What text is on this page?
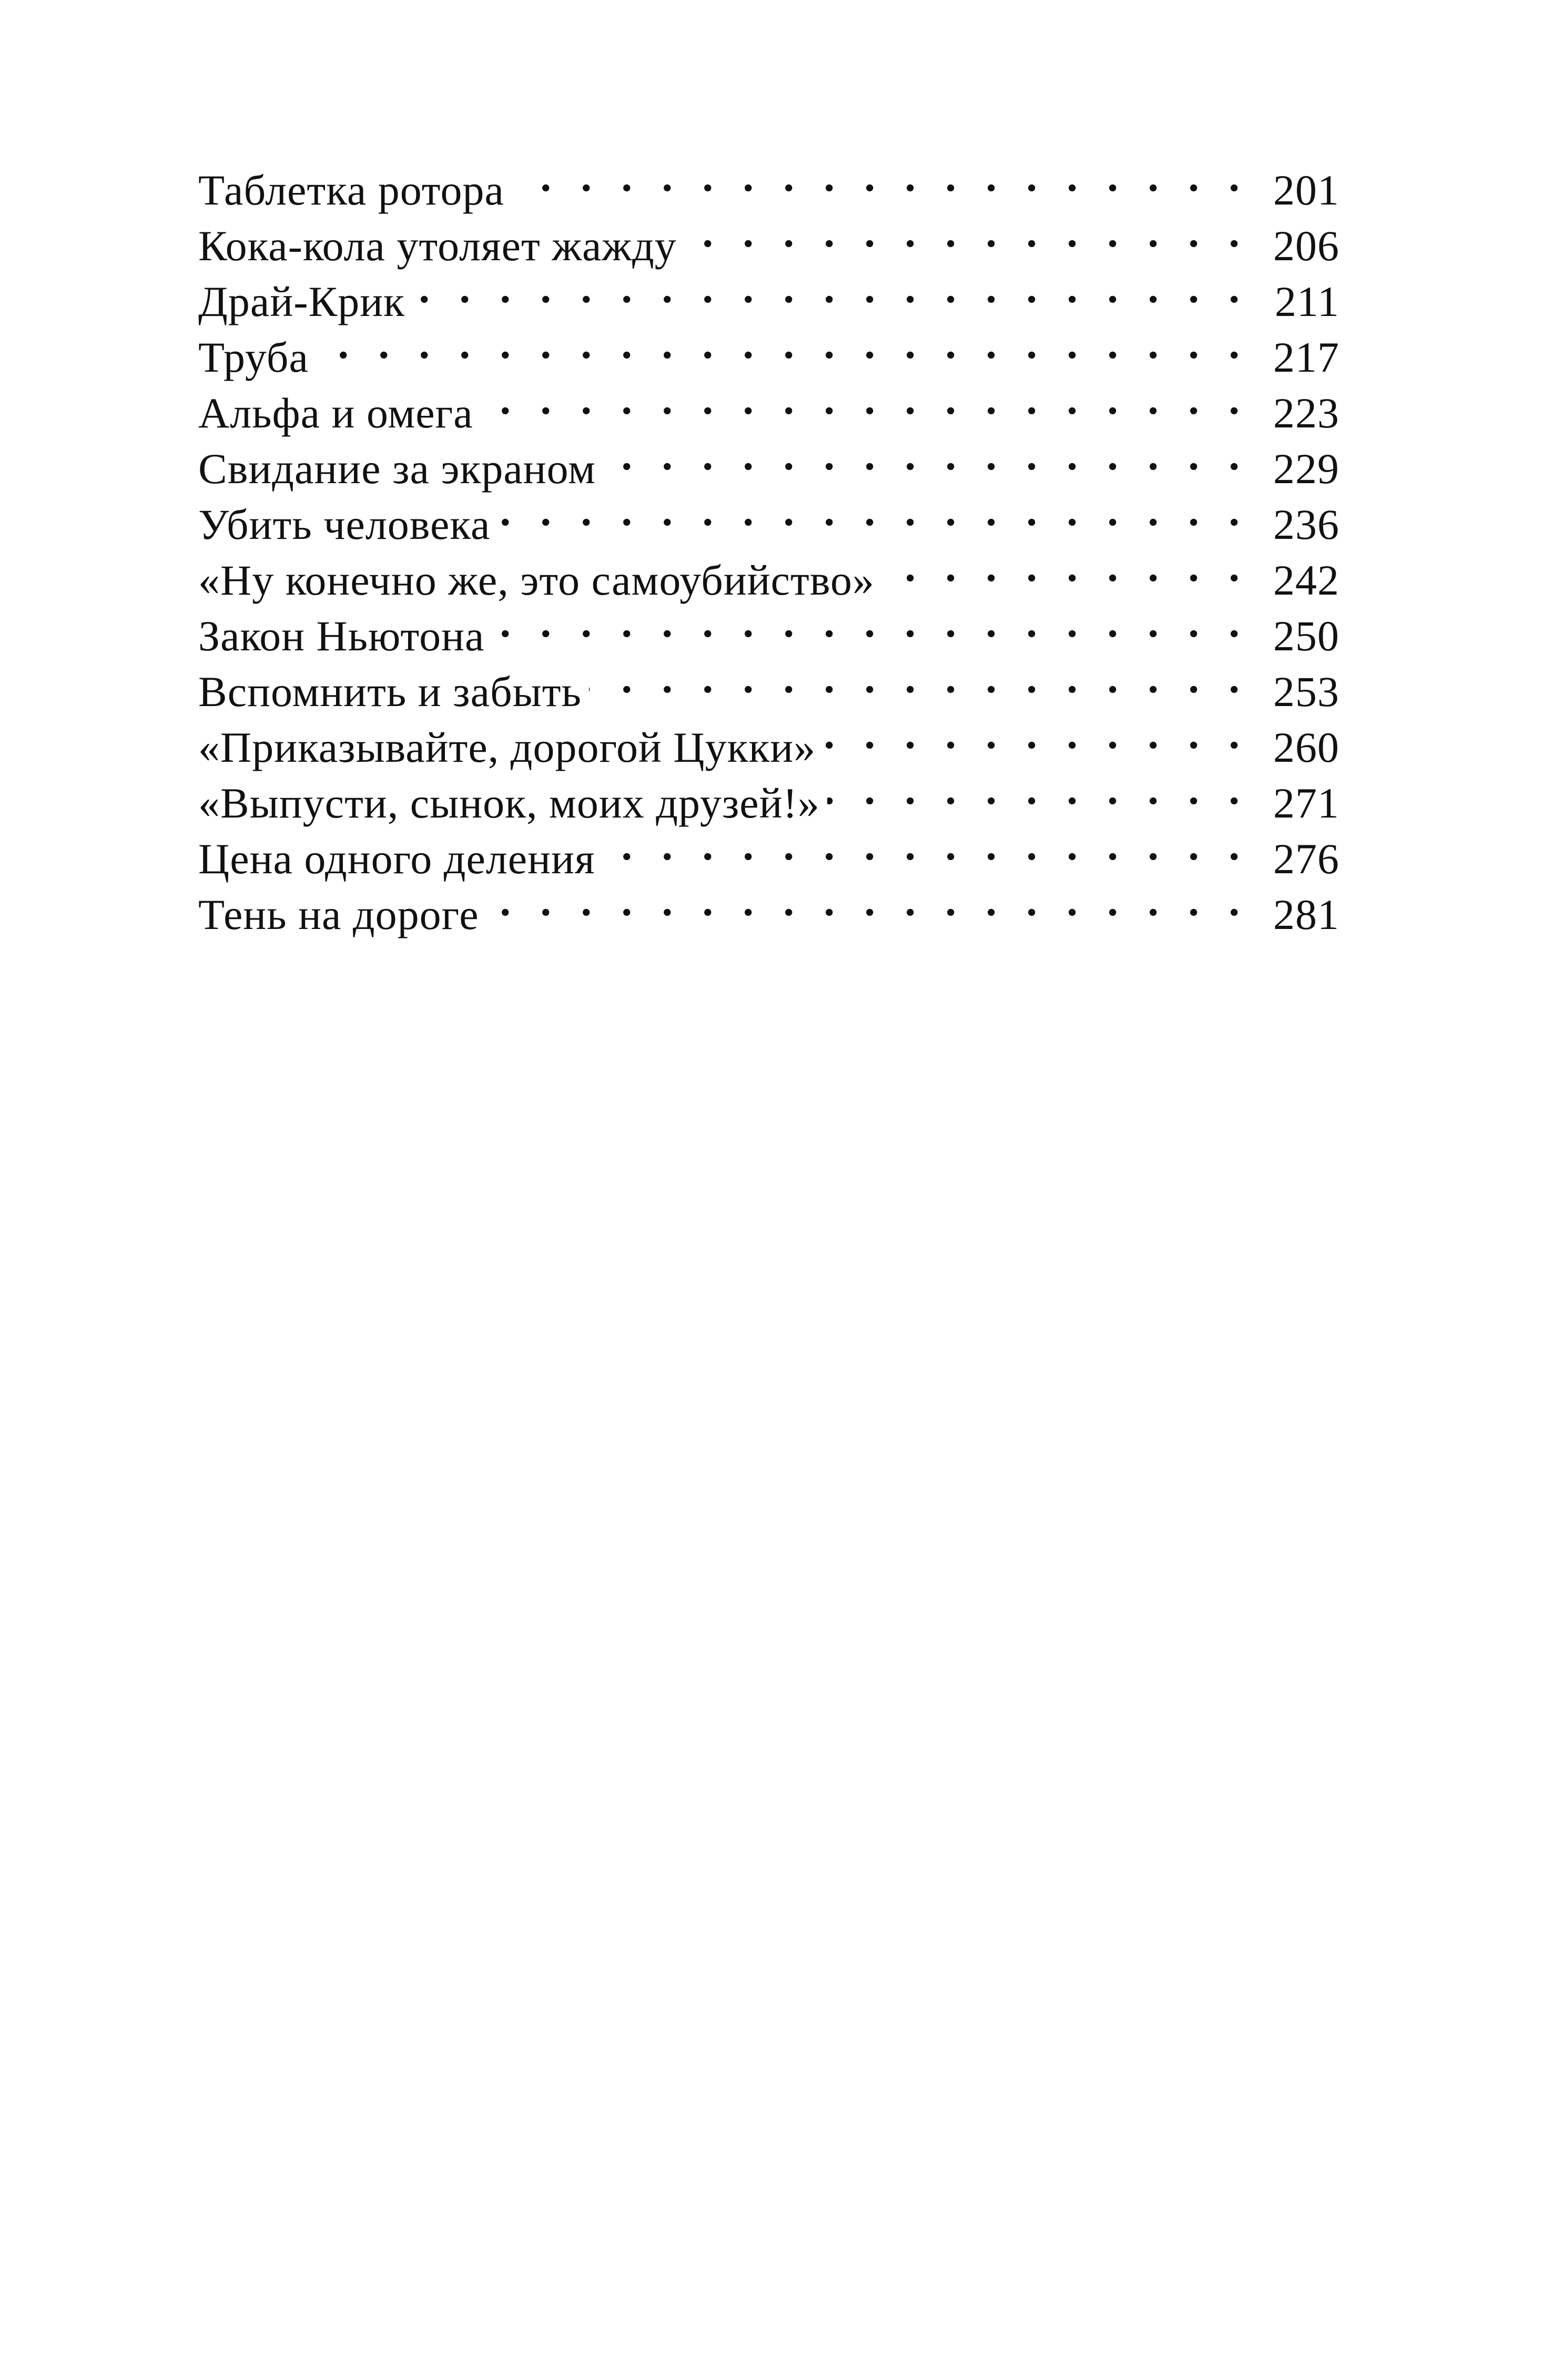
Таблетка ротора . . .	201
Кока-кола утоляет жажду . . .	206
Драй-Крик . . .	211
Труба . . .	217
Альфа и омега . . .	223
Свидание за экраном . . .	229
Убить человека . . .	236
«Ну конечно же, это самоубийство» . . .	242
Закон Ньютона . . .	250
Вспомнить и забыть . . .	253
«Приказывайте, дорогой Цукки» . . .	260
«Выпусти, сынок, моих друзей!» . . .	271
Цена одного деления . . .	276
Тень на дороге . . .	281
